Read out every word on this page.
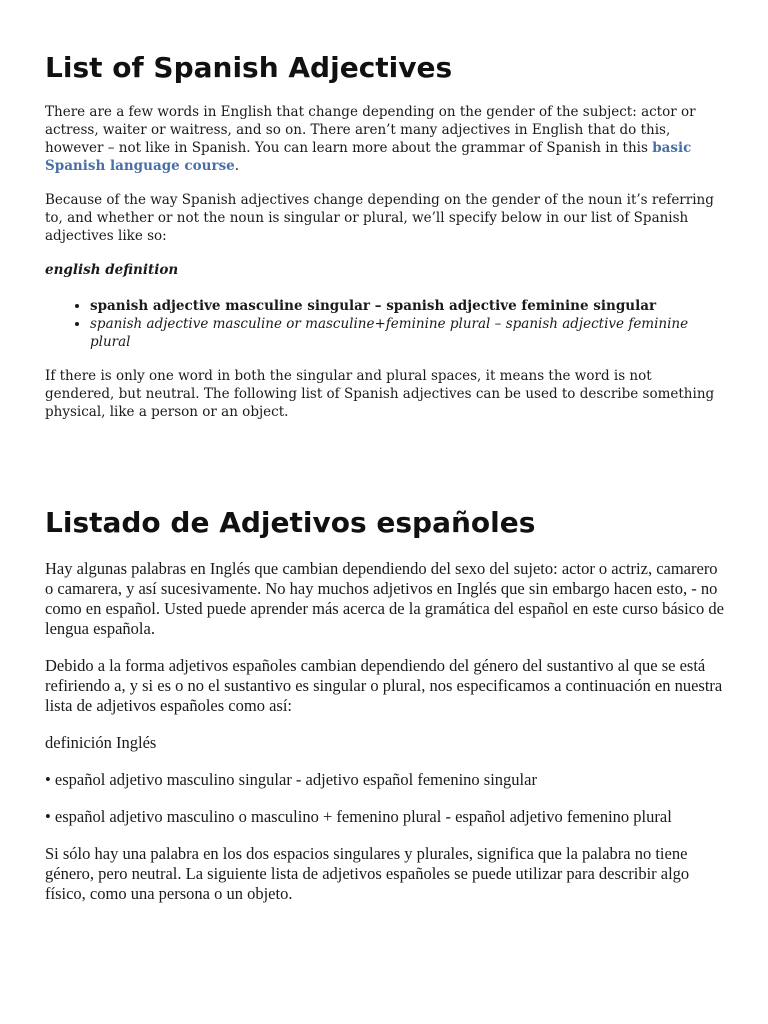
List of Spanish Adjectives

There are a few words in English that change depending on the gender of the subject: actor or actress, waiter or waitress, and so on. There aren’t many adjectives in English that do this, however – not like in Spanish. You can learn more about the grammar of Spanish in this basic Spanish language course.

Because of the way Spanish adjectives change depending on the gender of the noun it’s referring to, and whether or not the noun is singular or plural, we’ll specify below in our list of Spanish adjectives like so:

english definition

• spanish adjective masculine singular – spanish adjective feminine singular
• spanish adjective masculine or masculine+feminine plural – spanish adjective feminine plural

If there is only one word in both the singular and plural spaces, it means the word is not gendered, but neutral. The following list of Spanish adjectives can be used to describe something physical, like a person or an object.

Listado de Adjetivos españoles

Hay algunas palabras en Inglés que cambian dependiendo del sexo del sujeto: actor o actriz, camarero o camarera, y así sucesivamente. No hay muchos adjetivos en Inglés que sin embargo hacen esto, - no como en español. Usted puede aprender más acerca de la gramática del español en este curso básico de lengua española.

Debido a la forma adjetivos españoles cambian dependiendo del género del sustantivo al que se está refiriendo a, y si es o no el sustantivo es singular o plural, nos especificamos a continuación en nuestra lista de adjetivos españoles como así:

definición Inglés

• español adjetivo masculino singular - adjetivo español femenino singular

• español adjetivo masculino o masculino + femenino plural - español adjetivo femenino plural

Si sólo hay una palabra en los dos espacios singulares y plurales, significa que la palabra no tiene género, pero neutral. La siguiente lista de adjetivos españoles se puede utilizar para describir algo físico, como una persona o un objeto.
